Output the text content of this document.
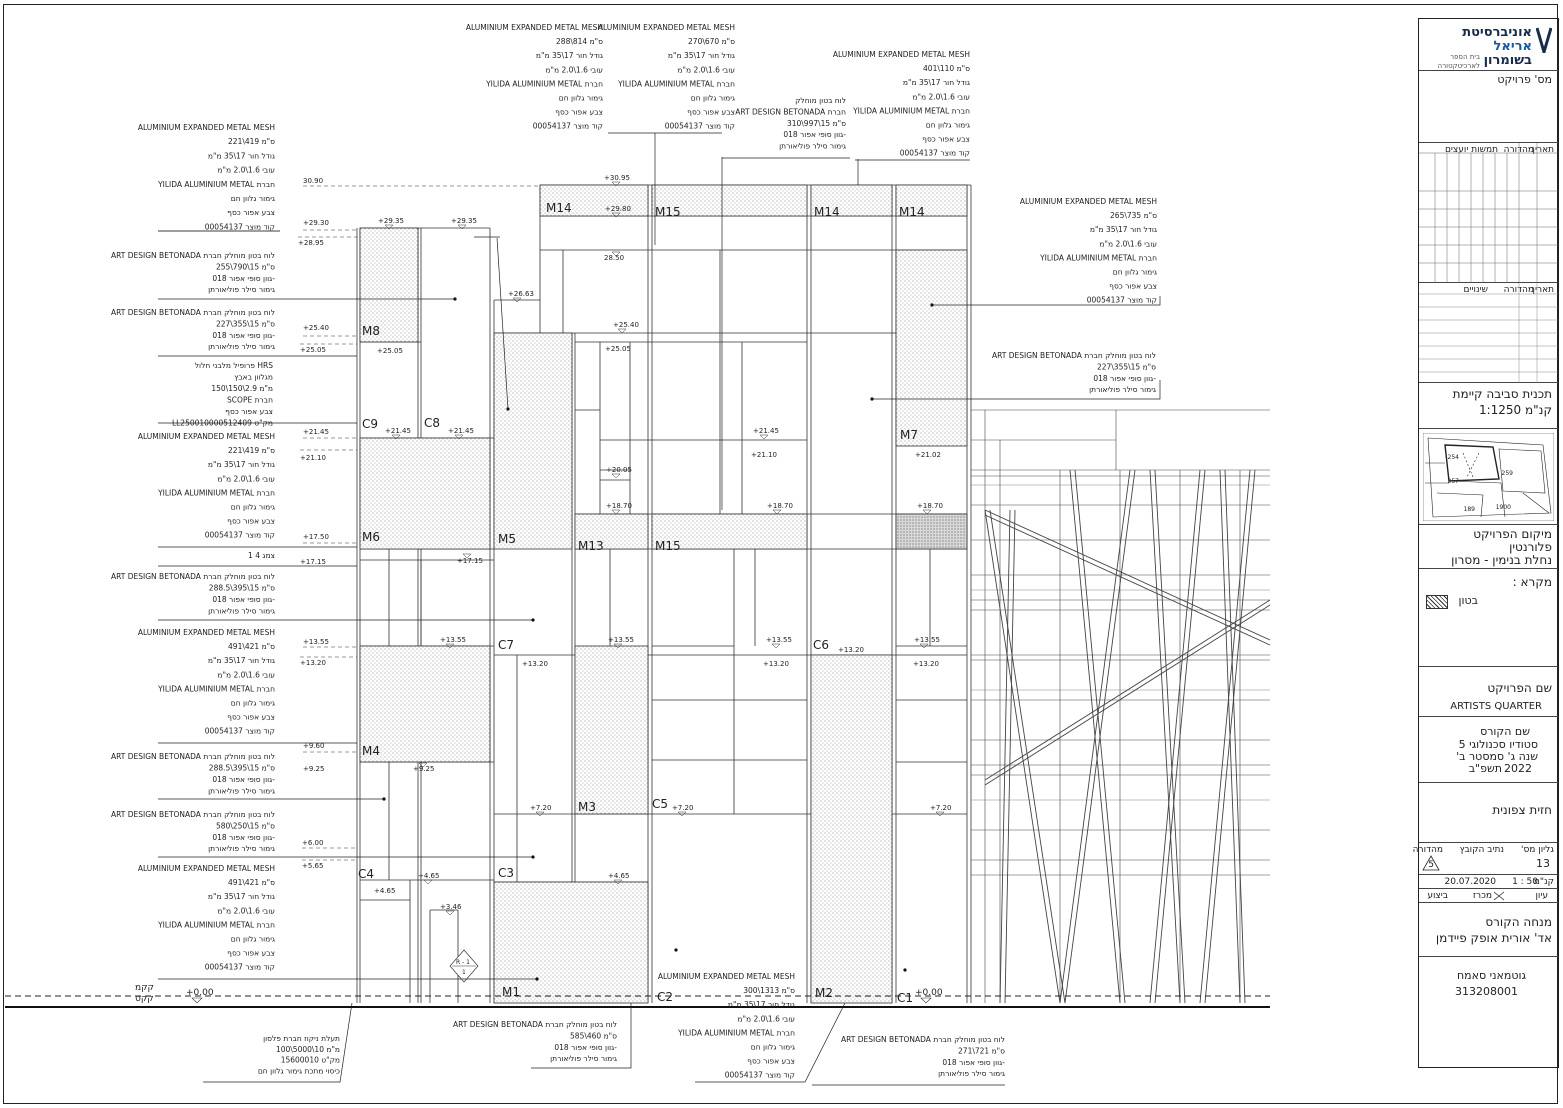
+30.95
30.90
+29.80
+29.35	+29.35
+29.30
+28.95
28.50
+26.63
+25.40
+25.40
+25.05	+25.05	+25.05
+21.45	+21.45	+21.45
+21.45
+21.10	+21.10	+21.02
+20.05
+18.70	+18.70	+18.70
+17.50
+17.15	+17.15
+13.55	+13.55	+13.55	+13.55	+13.55
+13.20	+13.20	+13.20
+13.20
+13.20
+9.60
+9.25	+9.25
+7.20	+7.20	+7.20
+6.00
+5.65
+4.65	+4.65
+4.65
+3.46
+0.00	+0.00
קקמ
קקס
M14	M15	M14	M14
M8
C9	C8
M7
M6	M5	M13	M15
C7	C6
M4
M3	C5
C4	C3
M1	C2	M2	C1
R - 1
1
ALUMINIUM EXPANDED METAL MESH
221\419 ס"מ
גודל חור 17\35 מ"מ
עובי 1.6\2.0 מ"מ
YILIDA ALUMINIUM METAL חברת
גימור גלוון חם
צבע אפור כסף
00054137 קוד מוצר
ART DESIGN BETONADA לוח בטון מוחלק חברת
255\790\15 ס"מ
גוון סופי אפור 018-
גימור סילר פוליאורתן
ART DESIGN BETONADA לוח בטון מוחלק חברת
227\355\15 ס"מ
גוון סופי אפור 018-
גימור סילר פוליאורתן
פרופיל מלבני חלול HRS
מגלוון באבץ
150\150\2.9 מ"מ
SCOPE חברת
צבע אפור כסף
LL250010000512409 מק"ט
ALUMINIUM EXPANDED METAL MESH
221\419 ס"מ
גודל חור 17\35 מ"מ
עובי 1.6\2.0 מ"מ
YILIDA ALUMINIUM METAL חברת
גימור גלוון חם
צבע אפור כסף
00054137 קוד מוצר
צמג 4 1
ART DESIGN BETONADA לוח בטון מוחלק חברת
288.5\395\15 ס"מ
גוון סופי אפור 018-
גימור סילר פוליאורתן
ALUMINIUM EXPANDED METAL MESH
491\421 ס"מ
גודל חור 17\35 מ"מ
עובי 1.6\2.0 מ"מ
YILIDA ALUMINIUM METAL חברת
גימור גלוון חם
צבע אפור כסף
00054137 קוד מוצר
ART DESIGN BETONADA לוח בטון מוחלק חברת
288.5\395\15 ס"מ
גוון סופי אפור 018-
גימור סילר פוליאורתן
ART DESIGN BETONADA לוח בטון מוחלק חברת
580\250\15 ס"מ
גוון סופי אפור 018-
גימור סילר פוליאורתן
ALUMINIUM EXPANDED METAL MESH
491\421 ס"מ
גודל חור 17\35 מ"מ
עובי 1.6\2.0 מ"מ
YILIDA ALUMINIUM METAL חברת
גימור גלוון חם
צבע אפור כסף
00054137 קוד מוצר
תעלת ניקוז חברת פלסון
100\5000\10 מ"מ
15600010 מק"ט
כיסוי מתכת גימור גלוון חם
ALUMINIUM EXPANDED METAL MESH
288\814 ס"מ
גודל חור 17\35 מ"מ
עובי 1.6\2.0 מ"מ
YILIDA ALUMINIUM METAL חברת
גימור גלוון חם
צבע אפור כסף
00054137 קוד מוצר
ALUMINIUM EXPANDED METAL MESH
270\670 ס"מ
גודל חור 17\35 מ"מ
עובי 1.6\2.0 מ"מ
YILIDA ALUMINIUM METAL חברת
גימור גלוון חם
צבע אפור כסף
00054137 קוד מוצר
לוח בטון מוחלק
ART DESIGN BETONADA חברת
310\997\15 ס"מ
גוון סופי אפור 018-
גימור סילר פוליאורתן
ALUMINIUM EXPANDED METAL MESH
401\110 ס"מ
גודל חור 17\35 מ"מ
עובי 1.6\2.0 מ"מ
YILIDA ALUMINIUM METAL חברת
גימור גלוון חם
צבע אפור כסף
00054137 קוד מוצר
ALUMINIUM EXPANDED METAL MESH
265\735 ס"מ
גודל חור 17\35 מ"מ
עובי 1.6\2.0 מ"מ
YILIDA ALUMINIUM METAL חברת
גימור גלוון חם
צבע אפור כסף
00054137 קוד מוצר
ART DESIGN BETONADA לוח בטון מוחלק חברת
227\355\15 ס"מ
גוון סופי אפור 018-
גימור סילר פוליאורתן
ART DESIGN BETONADA לוח בטון מוחלק חברת
585\460 ס"מ
גוון סופי אפור 018-
גימור סילר פוליאורתן
ALUMINIUM EXPANDED METAL MESH
300\1313 ס"מ
גודל חור 17\35 מ"מ
עובי 1.6\2.0 מ"מ
YILIDA ALUMINIUM METAL חברת
גימור גלוון חם
צבע אפור כסף
00054137 קוד מוצר
ART DESIGN BETONADA לוח בטון מוחלק חברת
271\721 ס"מ
גוון סופי אפור 018-
גימור סילר פוליאורתן
אוניברסיטת
אריאל
בשומרון
בית הספר לארכיטקטורה
מס' פרויקט
תאריך
מהדורה
תמשות יועצים
תאריך
מהדורה
שינויים
תכנית סביבה קיימת
קנ"מ 1:1250
254
259
257
189	1900
מיקום הפרויקט
פלורנטין
נחלת בנימין - מסרון
מקרא :
בטון
שם הפרויקט
ARTISTS QUARTER
שם הקורס
סטודיו סכנולוגי 5
שנה ג' סמסטר ב'
תשפ"ב 2022
חזית צפונית
גליון מס'
נתיב הקובץ
מהדורה
13
5
קנ"מ
1 : 50
20.07.2020
עיון
מכרז
ביצוע
מנחה הקורס
אד' אורית אופק פיידמן
גוטמאני סאמח
313208001
